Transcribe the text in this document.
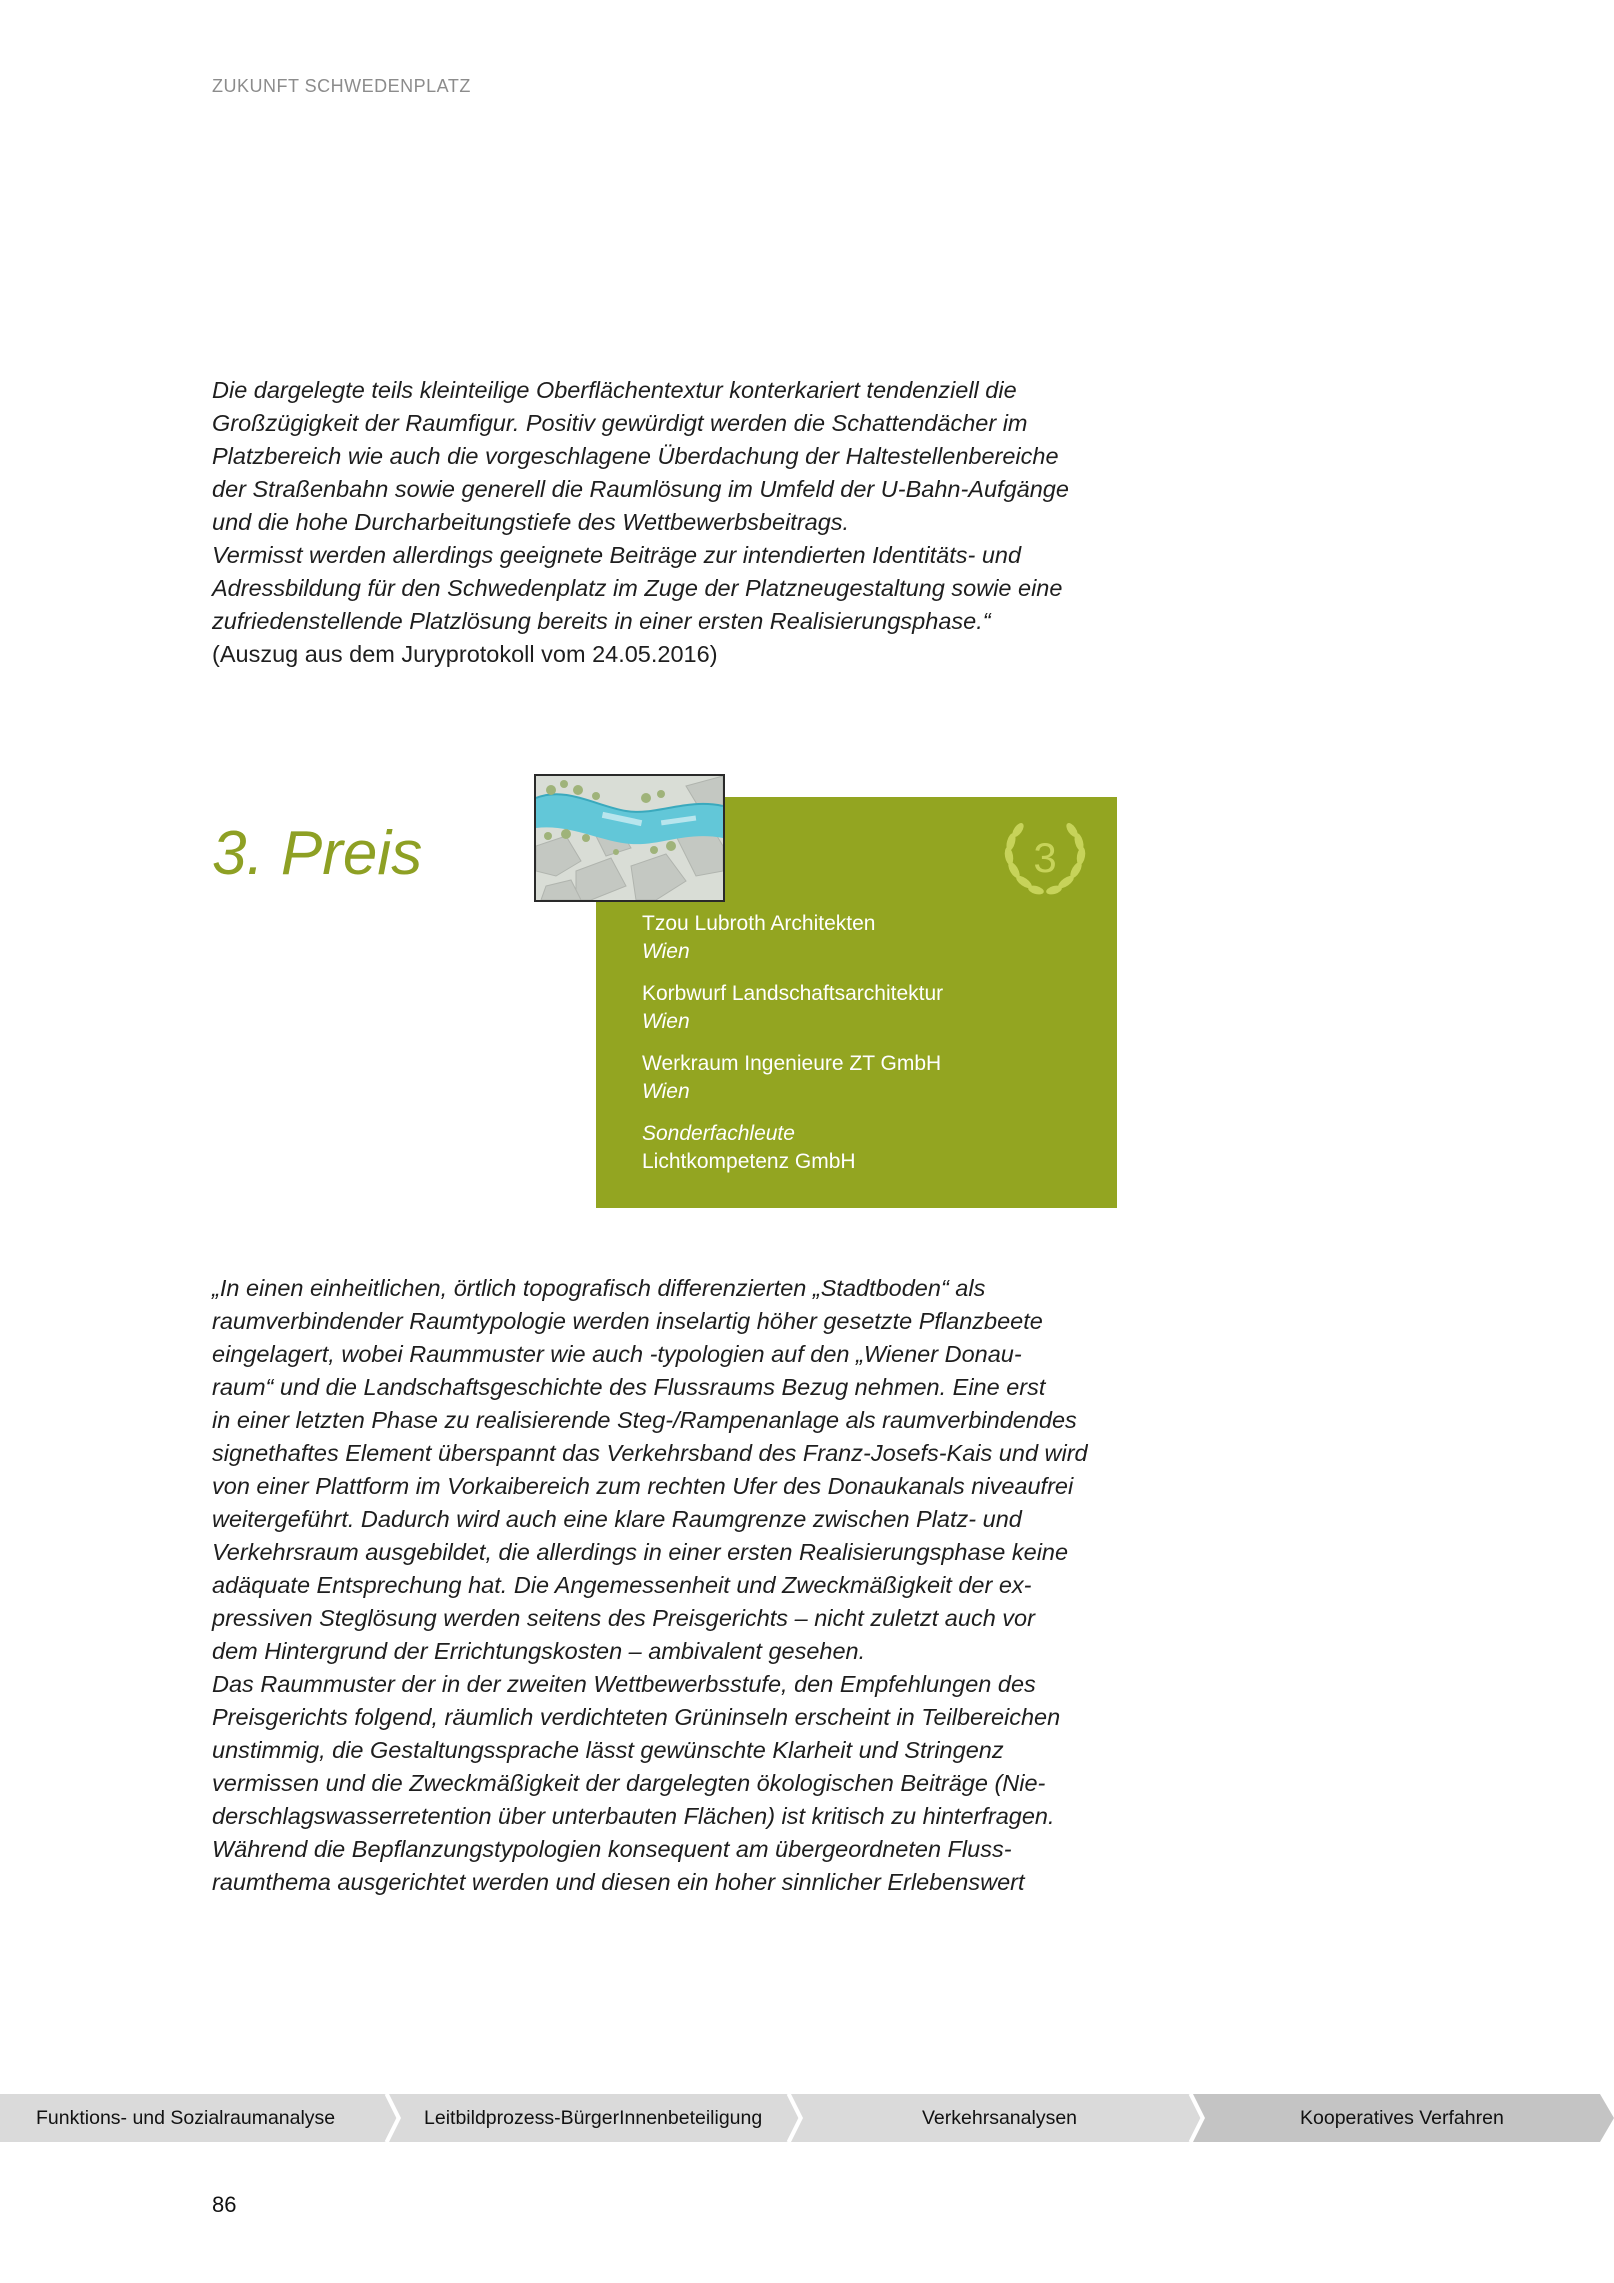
ZUKUNFT SCHWEDENPLATZ

Die dargelegte teils kleinteilige Oberflächentextur konterkariert tendenziell die

Großzügigkeit der Raumfigur. Positiv gewürdigt werden die Schattendächer im

Platzbereich wie auch die vorgeschlagene Überdachung der Haltestellenbereiche

der Straßenbahn sowie generell die Raumlösung im Umfeld der U-Bahn-Aufgänge

und die hohe Durcharbeitungstiefe des Wettbewerbsbeitrags.

Vermisst werden allerdings geeignete Beiträge zur intendierten Identitäts- und

Adressbildung für den Schwedenplatz im Zuge der Platzneugestaltung sowie eine

zufriedenstellende Platzlösung bereits in einer ersten Realisierungsphase.“

(Auszug aus dem Juryprotokoll vom 24.05.2016)

3. Preis	3
Tzou Lubroth Architekten
Wien
Korbwurf Landschaftsarchitektur
Wien
Werkraum Ingenieure ZT GmbH
Wien
Sonderfachleute
Lichtkompetenz GmbH

„In einen einheitlichen, örtlich topografisch differenzierten „Stadtboden“ als

raumverbindender Raumtypologie werden inselartig höher gesetzte Pflanzbeete

eingelagert, wobei Raummuster wie auch -typologien auf den „Wiener Donau-

raum“ und die Landschaftsgeschichte des Flussraums Bezug nehmen. Eine erst

in einer letzten Phase zu realisierende Steg-/Rampenanlage als raumverbindendes

signethaftes Element überspannt das Verkehrsband des Franz-Josefs-Kais und wird

von einer Plattform im Vorkaibereich zum rechten Ufer des Donaukanals niveaufrei

weitergeführt. Dadurch wird auch eine klare Raumgrenze zwischen Platz- und

Verkehrsraum ausgebildet, die allerdings in einer ersten Realisierungsphase keine

adäquate Entsprechung hat. Die Angemessenheit und Zweckmäßigkeit der ex-

pressiven Steglösung werden seitens des Preisgerichts – nicht zuletzt auch vor

dem Hintergrund der Errichtungskosten – ambivalent gesehen.

Das Raummuster der in der zweiten Wettbewerbsstufe, den Empfehlungen des

Preisgerichts folgend, räumlich verdichteten Grüninseln erscheint in Teilbereichen

unstimmig, die Gestaltungssprache lässt gewünschte Klarheit und Stringenz

vermissen und die Zweckmäßigkeit der dargelegten ökologischen Beiträge (Nie-

derschlagswasserretention über unterbauten Flächen) ist kritisch zu hinterfragen.

Während die Bepflanzungstypologien konsequent am übergeordneten Fluss-

raumthema ausgerichtet werden und diesen ein hoher sinnlicher Erlebenswert

Funktions- und Sozialraumanalyse	Leitbildprozess-BürgerInnenbeteiligung	Verkehrsanalysen	Kooperatives Verfahren
86
